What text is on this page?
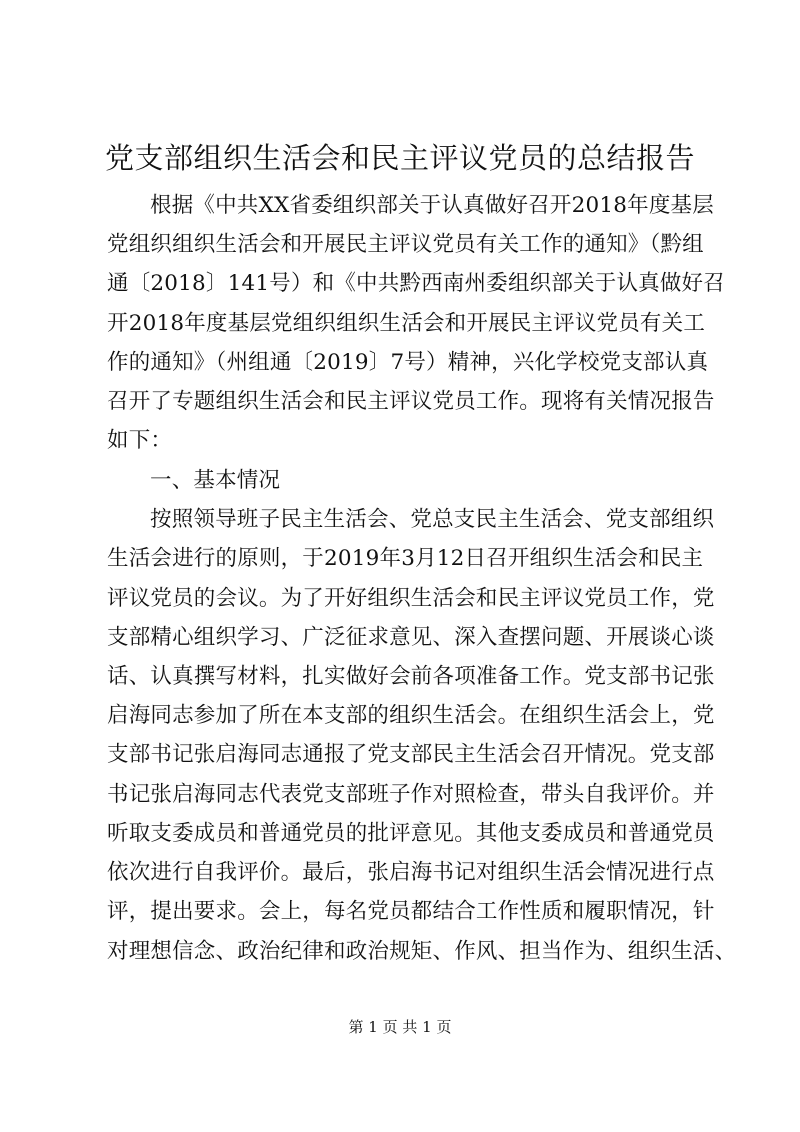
党支部组织生活会和民主评议党员的总结报告
根据《中共XX省委组织部关于认真做好召开2018年度基层
党组织组织生活会和开展民主评议党员有关工作的通知》（黔组
通〔2018〕141号）和《中共黔西南州委组织部关于认真做好召
开2018年度基层党组织组织生活会和开展民主评议党员有关工
作的通知》（州组通〔2019〕7号）精神，兴化学校党支部认真
召开了专题组织生活会和民主评议党员工作。现将有关情况报告
如下：
一、基本情况
按照领导班子民主生活会、党总支民主生活会、党支部组织
生活会进行的原则，于2019年3月12日召开组织生活会和民主
评议党员的会议。为了开好组织生活会和民主评议党员工作，党
支部精心组织学习、广泛征求意见、深入查摆问题、开展谈心谈
话、认真撰写材料，扎实做好会前各项准备工作。党支部书记张
启海同志参加了所在本支部的组织生活会。在组织生活会上，党
支部书记张启海同志通报了党支部民主生活会召开情况。党支部
书记张启海同志代表党支部班子作对照检查，带头自我评价。并
听取支委成员和普通党员的批评意见。其他支委成员和普通党员
依次进行自我评价。最后，张启海书记对组织生活会情况进行点
评，提出要求。会上，每名党员都结合工作性质和履职情况，针
对理想信念、政治纪律和政治规矩、作风、担当作为、组织生活、
第 1 页 共 1 页
